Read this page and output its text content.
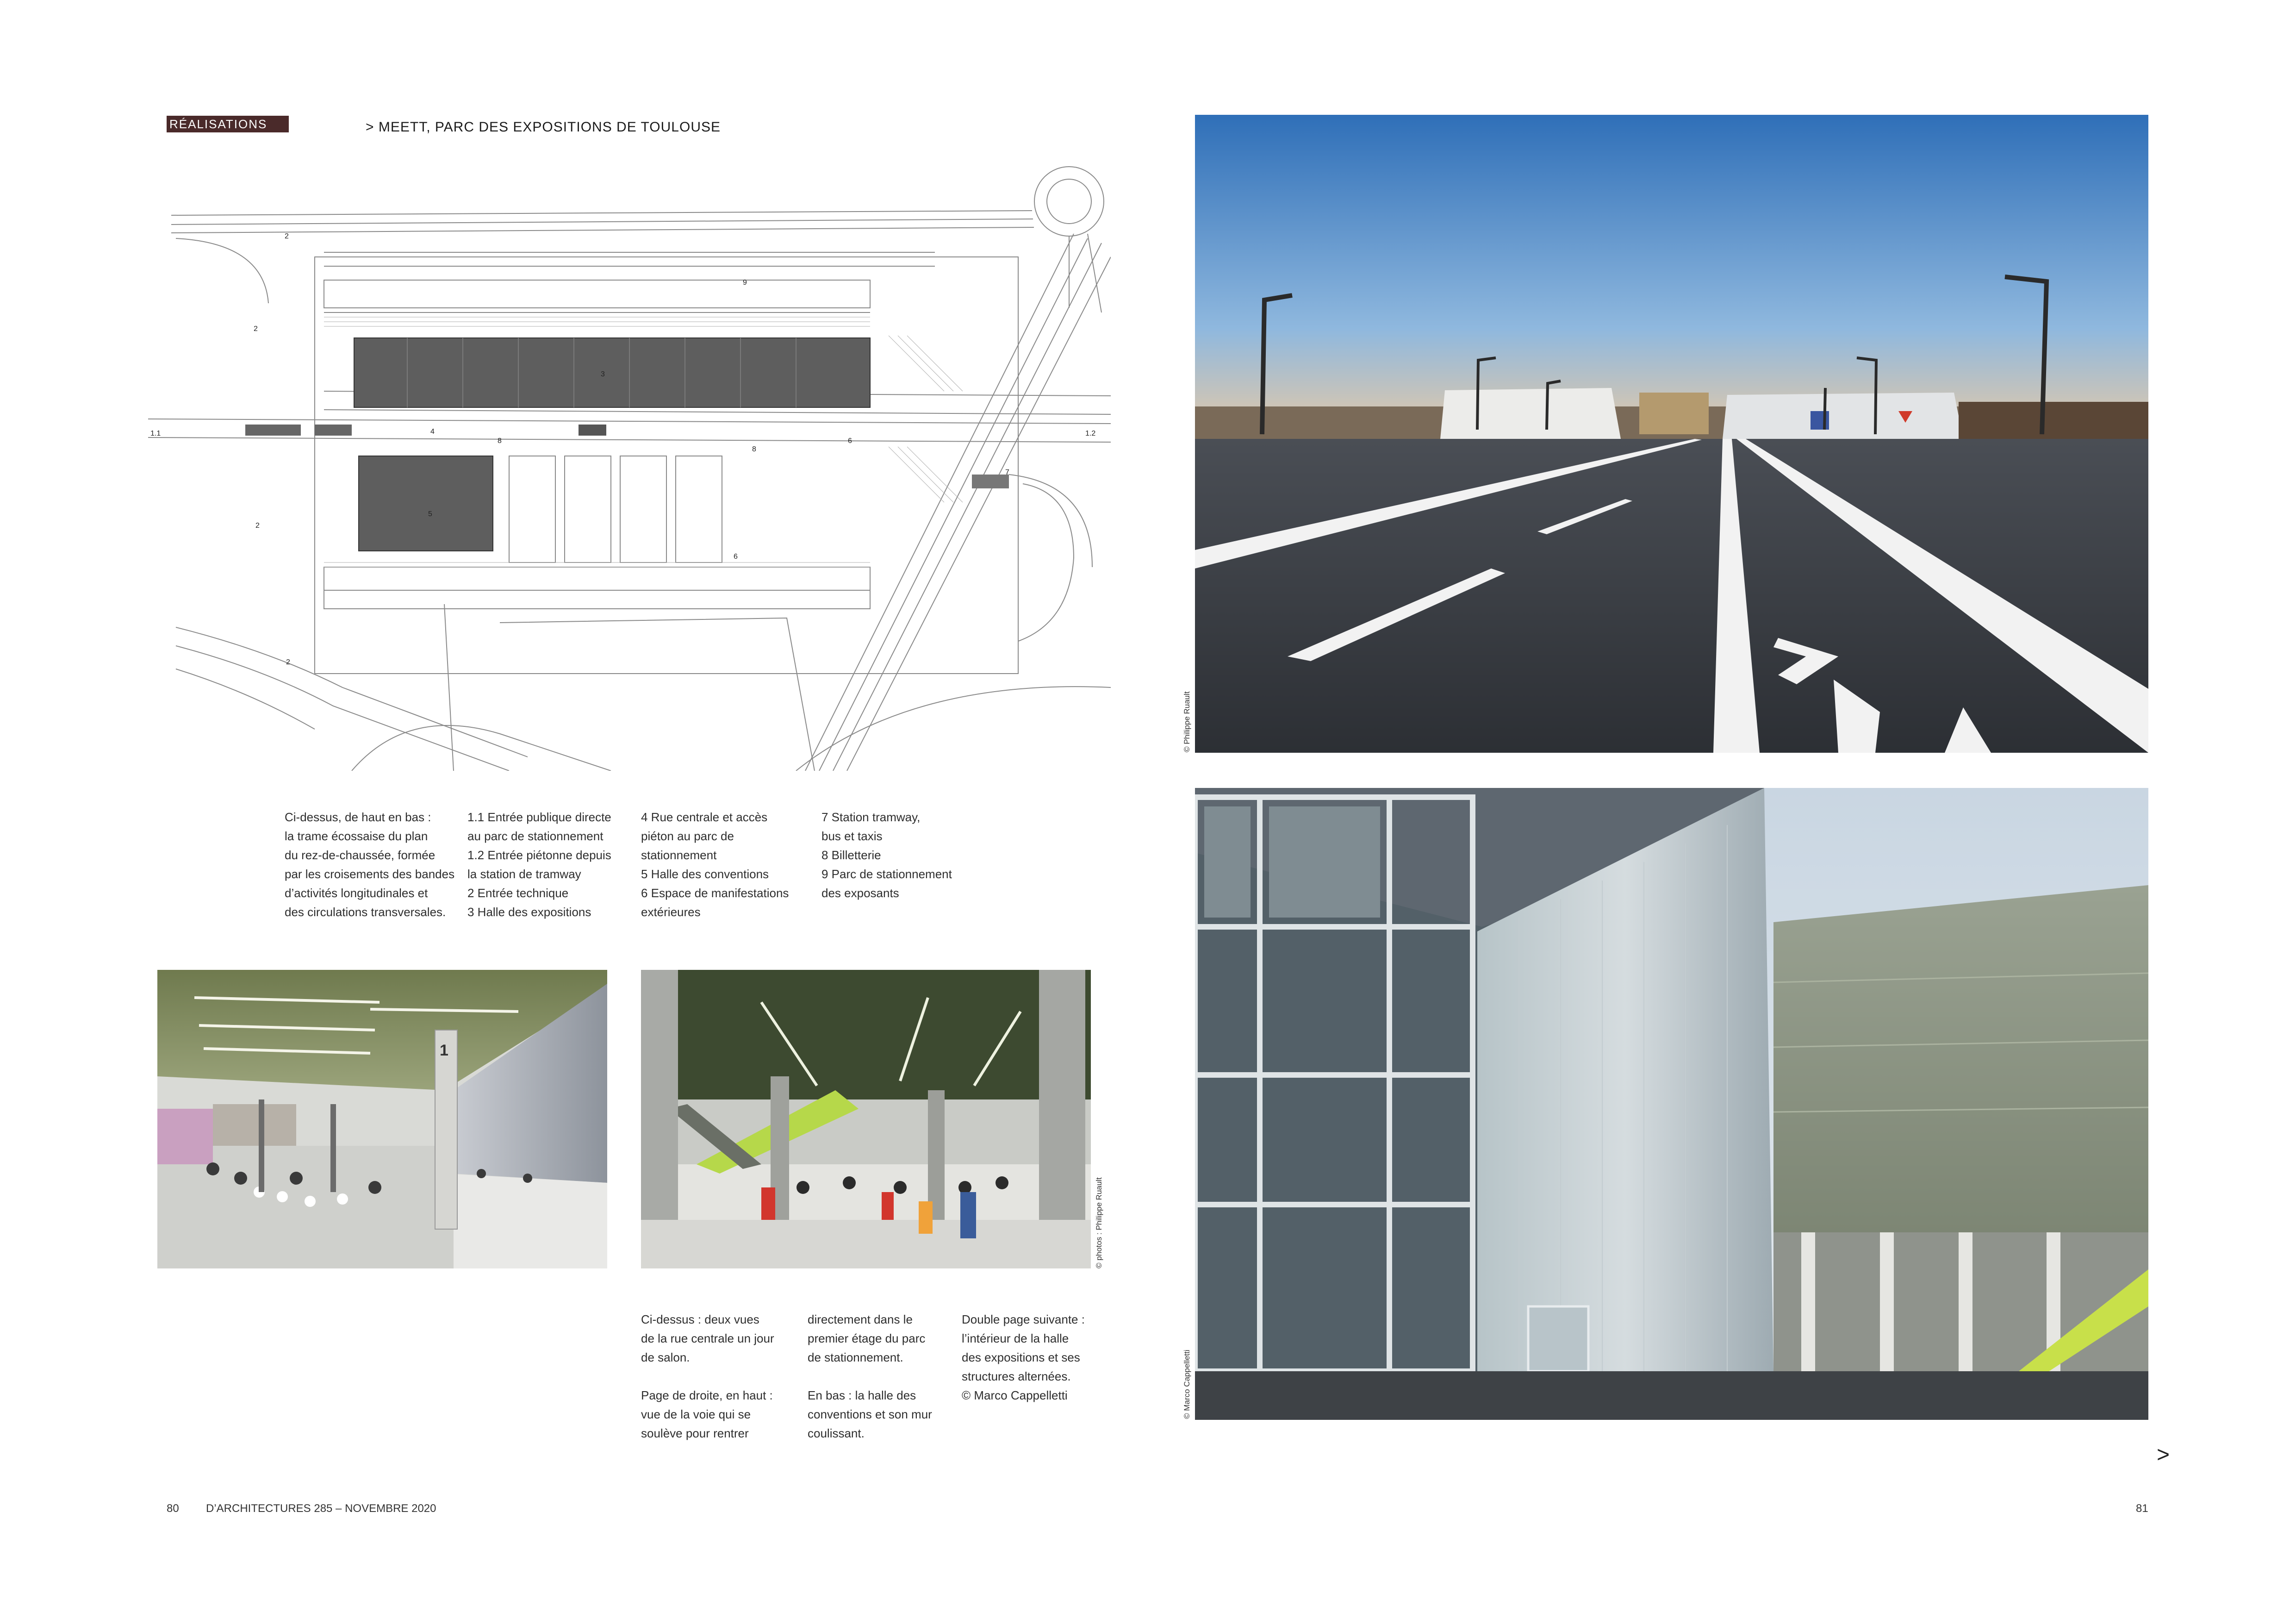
RÉALISATIONS	> MEETT, PARC DES EXPOSITIONS DE TOULOUSE
1.1	1.2
2
2
2
2
3
4
5
6
6
7
8
8
9
Ci-dessus, de haut en bas :
la trame écossaise du plan
du rez-de-chaussée, formée
par les croisements des bandes
d’activités longitudinales et
des circulations transversales.
1.1 Entrée publique directe
au parc de stationnement
1.2 Entrée piétonne depuis
la station de tramway
2 Entrée technique
3 Halle des expositions
4 Rue centrale et accès
piéton au parc de
stationnement
5 Halle des conventions
6 Espace de manifestations
extérieures
7 Station tramway,
bus et taxis
8 Billetterie
9 Parc de stationnement
des exposants
1
© photos : Philippe Ruault
Ci-dessus : deux vues
de la rue centrale un jour
de salon.
Page de droite, en haut :
vue de la voie qui se
soulève pour rentrer
directement dans le
premier étage du parc
de stationnement.
En bas : la halle des
conventions et son mur
coulissant.
Double page suivante :
l’intérieur de la halle
des expositions et ses
structures alternées.
© Marco Cappelletti
© Philippe Ruault
© Marco Cappelletti
>
80 D’ARCHITECTURES 285 – NOVEMBRE 2020	81
